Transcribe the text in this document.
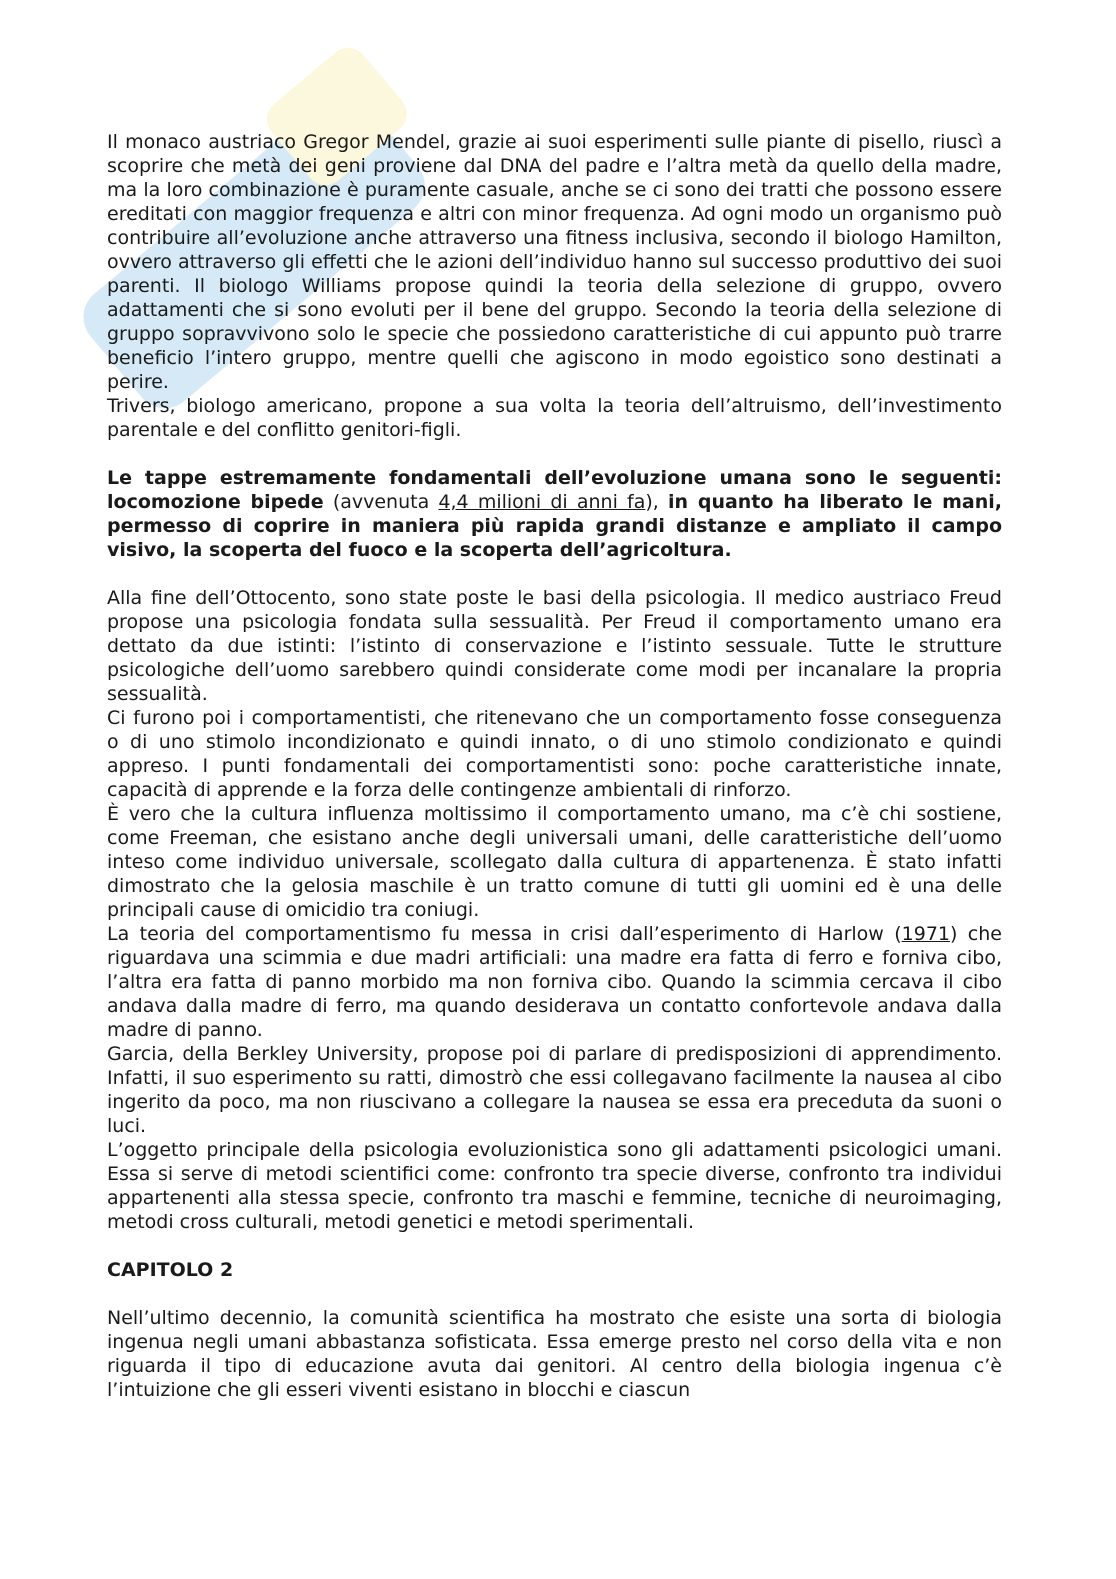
Il monaco austriaco Gregor Mendel, grazie ai suoi esperimenti sulle piante di pisello, riuscì a scoprire che metà dei geni proviene dal DNA del padre e l’altra metà da quello della madre, ma la loro combinazione è puramente casuale, anche se ci sono dei tratti che possono essere ereditati con maggior frequenza e altri con minor frequenza. Ad ogni modo un organismo può contribuire all’evoluzione anche attraverso una fitness inclusiva, secondo il biologo Hamilton, ovvero attraverso gli effetti che le azioni dell’individuo hanno sul successo produttivo dei suoi parenti. Il biologo Williams propose quindi la teoria della selezione di gruppo, ovvero adattamenti che si sono evoluti per il bene del gruppo. Secondo la teoria della selezione di gruppo sopravvivono solo le specie che possiedono caratteristiche di cui appunto può trarre beneficio l’intero gruppo, mentre quelli che agiscono in modo egoistico sono destinati a perire.

Trivers, biologo americano, propone a sua volta la teoria dell’altruismo, dell’investimento parentale e del conflitto genitori-figli.

Le tappe estremamente fondamentali dell’evoluzione umana sono le seguenti: locomozione bipede (avvenuta 4,4 milioni di anni fa), in quanto ha liberato le mani, permesso di coprire in maniera più rapida grandi distanze e ampliato il campo visivo, la scoperta del fuoco e la scoperta dell’agricoltura.

Alla fine dell’Ottocento, sono state poste le basi della psicologia. Il medico austriaco Freud propose una psicologia fondata sulla sessualità. Per Freud il comportamento umano era dettato da due istinti: l’istinto di conservazione e l’istinto sessuale. Tutte le strutture psicologiche dell’uomo sarebbero quindi considerate come modi per incanalare la propria sessualità.

Ci furono poi i comportamentisti, che ritenevano che un comportamento fosse conseguenza o di uno stimolo incondizionato e quindi innato, o di uno stimolo condizionato e quindi appreso. I punti fondamentali dei comportamentisti sono: poche caratteristiche innate, capacità di apprende e la forza delle contingenze ambientali di rinforzo.

È vero che la cultura influenza moltissimo il comportamento umano, ma c’è chi sostiene, come Freeman, che esistano anche degli universali umani, delle caratteristiche dell’uomo inteso come individuo universale, scollegato dalla cultura di appartenenza. È stato infatti dimostrato che la gelosia maschile è un tratto comune di tutti gli uomini ed è una delle principali cause di omicidio tra coniugi.

La teoria del comportamentismo fu messa in crisi dall’esperimento di Harlow (1971) che riguardava una scimmia e due madri artificiali: una madre era fatta di ferro e forniva cibo, l’altra era fatta di panno morbido ma non forniva cibo. Quando la scimmia cercava il cibo andava dalla madre di ferro, ma quando desiderava un contatto confortevole andava dalla madre di panno.

Garcia, della Berkley University, propose poi di parlare di predisposizioni di apprendimento. Infatti, il suo esperimento su ratti, dimostrò che essi collegavano facilmente la nausea al cibo ingerito da poco, ma non riuscivano a collegare la nausea se essa era preceduta da suoni o luci.

L’oggetto principale della psicologia evoluzionistica sono gli adattamenti psicologici umani. Essa si serve di metodi scientifici come: confronto tra specie diverse, confronto tra individui appartenenti alla stessa specie, confronto tra maschi e femmine, tecniche di neuroimaging, metodi cross culturali, metodi genetici e metodi sperimentali.

CAPITOLO 2

Nell’ultimo decennio, la comunità scientifica ha mostrato che esiste una sorta di biologia ingenua negli umani abbastanza sofisticata. Essa emerge presto nel corso della vita e non riguarda il tipo di educazione avuta dai genitori. Al centro della biologia ingenua c’è l’intuizione che gli esseri viventi esistano in blocchi e ciascun
